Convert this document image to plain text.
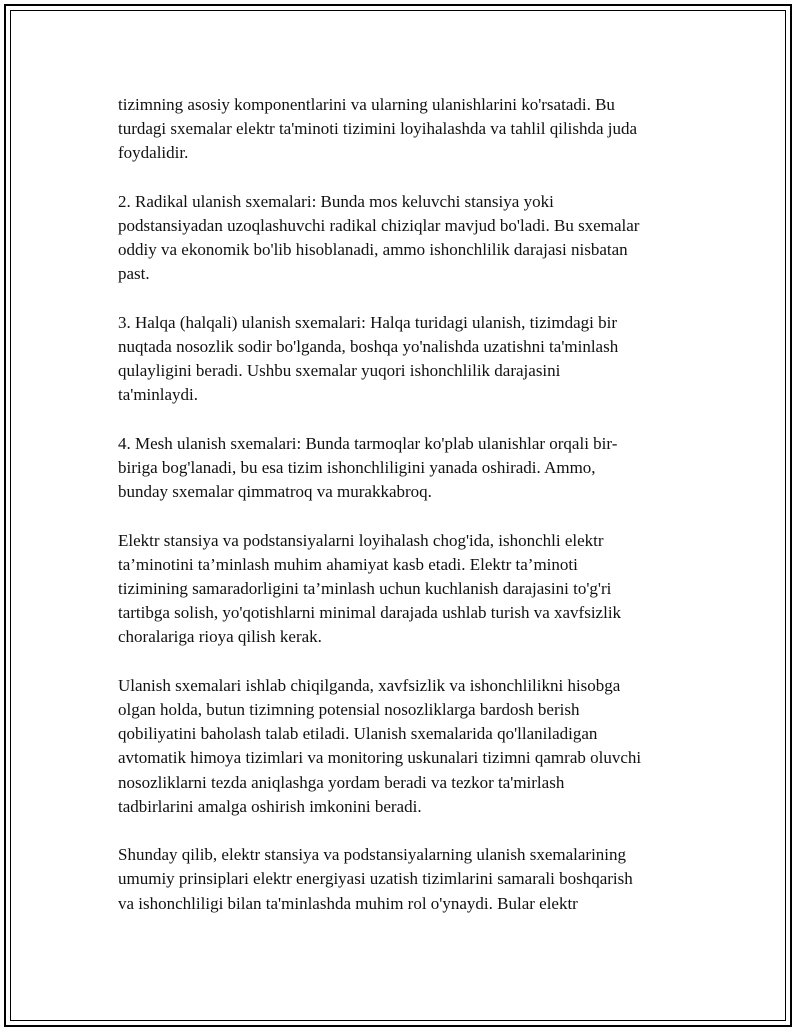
tizimning asosiy komponentlarini va ularning ulanishlarini ko'rsatadi. Bu
turdagi sxemalar elektr ta'minoti tizimini loyihalashda va tahlil qilishda juda
foydalidir.

2. Radikal ulanish sxemalari: Bunda mos keluvchi stansiya yoki
podstansiyadan uzoqlashuvchi radikal chiziqlar mavjud bo'ladi. Bu sxemalar
oddiy va ekonomik bo'lib hisoblanadi, ammo ishonchlilik darajasi nisbatan
past.

3. Halqa (halqali) ulanish sxemalari: Halqa turidagi ulanish, tizimdagi bir
nuqtada nosozlik sodir bo'lganda, boshqa yo'nalishda uzatishni ta'minlash
qulayligini beradi. Ushbu sxemalar yuqori ishonchlilik darajasini
ta'minlaydi.

4. Mesh ulanish sxemalari: Bunda tarmoqlar ko'plab ulanishlar orqali bir-
biriga bog'lanadi, bu esa tizim ishonchliligini yanada oshiradi. Ammo,
bunday sxemalar qimmatroq va murakkabroq.

Elektr stansiya va podstansiyalarni loyihalash chog'ida, ishonchli elektr
ta’minotini ta’minlash muhim ahamiyat kasb etadi. Elektr ta’minoti
tizimining samaradorligini ta’minlash uchun kuchlanish darajasini to'g'ri
tartibga solish, yo'qotishlarni minimal darajada ushlab turish va xavfsizlik
choralariga rioya qilish kerak.

Ulanish sxemalari ishlab chiqilganda, xavfsizlik va ishonchlilikni hisobga
olgan holda, butun tizimning potensial nosozliklarga bardosh berish
qobiliyatini baholash talab etiladi. Ulanish sxemalarida qo'llaniladigan
avtomatik himoya tizimlari va monitoring uskunalari tizimni qamrab oluvchi
nosozliklarni tezda aniqlashga yordam beradi va tezkor ta'mirlash
tadbirlarini amalga oshirish imkonini beradi.

Shunday qilib, elektr stansiya va podstansiyalarning ulanish sxemalarining
umumiy prinsiplari elektr energiyasi uzatish tizimlarini samarali boshqarish
va ishonchliligi bilan ta'minlashda muhim rol o'ynaydi. Bular elektr
